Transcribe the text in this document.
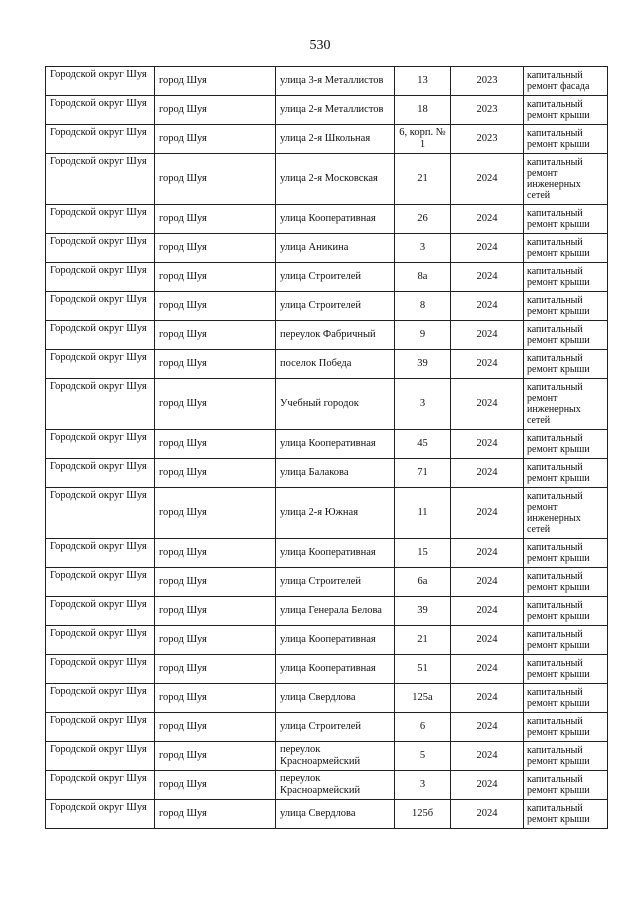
530
Городской округ Шуя	город Шуя	улица 3-я Металлистов	13	2023	капитальный ремонт фасада
Городской округ Шуя	город Шуя	улица 2-я Металлистов	18	2023	капитальный ремонт крыши
Городской округ Шуя	город Шуя	улица 2-я Школьная	6, корп. № 1	2023	капитальный ремонт крыши
Городской округ Шуя	город Шуя	улица 2-я Московская	21	2024	капитальный ремонт инженерных сетей
Городской округ Шуя	город Шуя	улица Кооперативная	26	2024	капитальный ремонт крыши
Городской округ Шуя	город Шуя	улица Аникина	3	2024	капитальный ремонт крыши
Городской округ Шуя	город Шуя	улица Строителей	8а	2024	капитальный ремонт крыши
Городской округ Шуя	город Шуя	улица Строителей	8	2024	капитальный ремонт крыши
Городской округ Шуя	город Шуя	переулок Фабричный	9	2024	капитальный ремонт крыши
Городской округ Шуя	город Шуя	поселок Победа	39	2024	капитальный ремонт крыши
Городской округ Шуя	город Шуя	Учебный городок	3	2024	капитальный ремонт инженерных сетей
Городской округ Шуя	город Шуя	улица Кооперативная	45	2024	капитальный ремонт крыши
Городской округ Шуя	город Шуя	улица Балакова	71	2024	капитальный ремонт крыши
Городской округ Шуя	город Шуя	улица 2-я Южная	11	2024	капитальный ремонт инженерных сетей
Городской округ Шуя	город Шуя	улица Кооперативная	15	2024	капитальный ремонт крыши
Городской округ Шуя	город Шуя	улица Строителей	6а	2024	капитальный ремонт крыши
Городской округ Шуя	город Шуя	улица Генерала Белова	39	2024	капитальный ремонт крыши
Городской округ Шуя	город Шуя	улица Кооперативная	21	2024	капитальный ремонт крыши
Городской округ Шуя	город Шуя	улица Кооперативная	51	2024	капитальный ремонт крыши
Городской округ Шуя	город Шуя	улица Свердлова	125а	2024	капитальный ремонт крыши
Городской округ Шуя	город Шуя	улица Строителей	6	2024	капитальный ремонт крыши
Городской округ Шуя	город Шуя	переулок Красноармейский	5	2024	капитальный ремонт крыши
Городской округ Шуя	город Шуя	переулок Красноармейский	3	2024	капитальный ремонт крыши
Городской округ Шуя	город Шуя	улица Свердлова	125б	2024	капитальный ремонт крыши
